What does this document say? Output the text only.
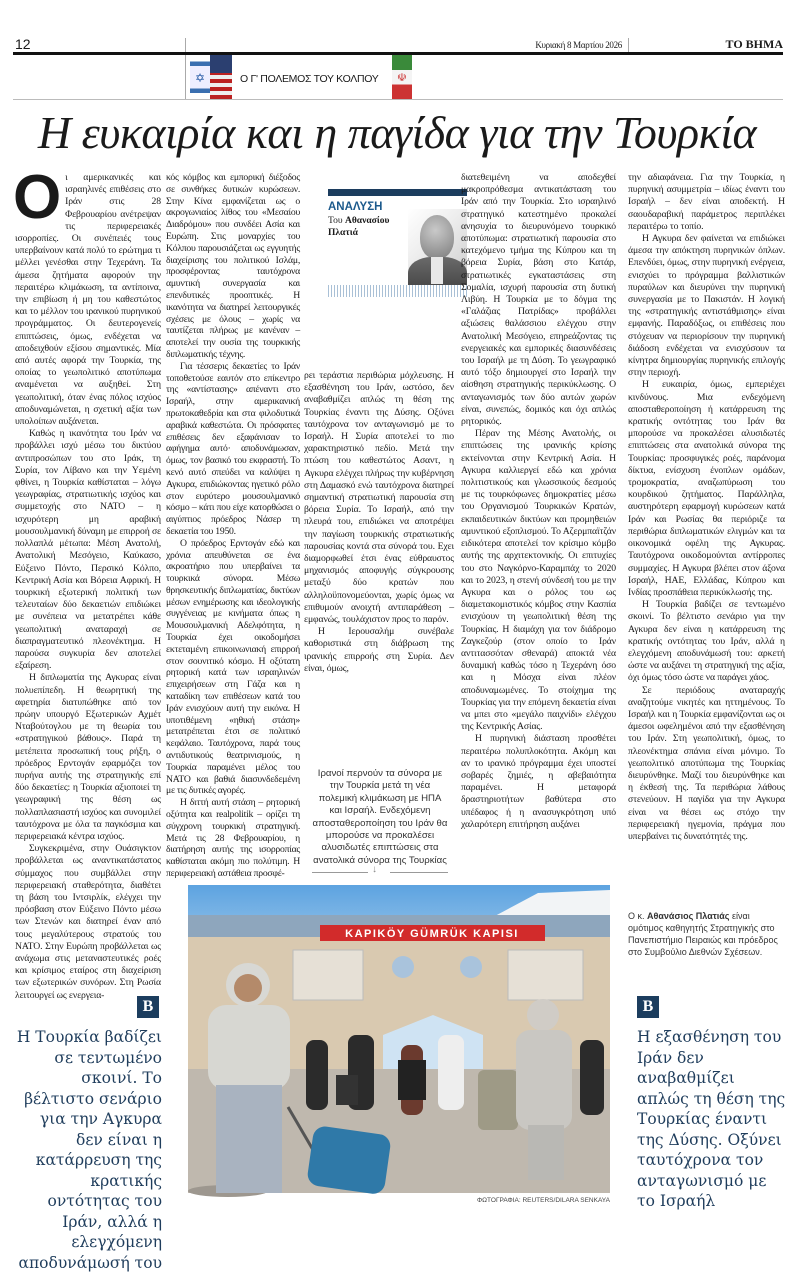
12	Κυριακή 8 Μαρτίου 2026	ΤΟ ΒΗΜΑ
✡	Ο Γ' ΠΟΛΕΜΟΣ ΤΟΥ ΚΟΛΠΟΥ ☫
Η ευκαιρία και η παγίδα για την Τουρκία

Οι αμερικανικές και ισραηλινές επιθέσεις στο Ιράν στις 28 Φεβρουαρίου ανέτρεψαν τις περιφερειακές ισορροπίες. Οι συνέπειές τους υπερβαίνουν κατά πολύ το ερώτημα τι μέλλει γενέσθαι στην Τεχεράνη. Τα άμεσα ζητήματα αφορούν την περαιτέρω κλιμάκωση, τα αντίποινα, την επιβίωση ή μη του καθεστώτος και το μέλλον του ιρανικού πυρηνικού προγράμματος. Οι δευτερογενείς επιπτώσεις, όμως, ενδέχεται να αποδειχθούν εξίσου σημαντικές. Μία από αυτές αφορά την Τουρκία, της οποίας το γεωπολιτικό αποτύπωμα αναμένεται να αυξηθεί. Στη γεωπολιτική, όταν ένας πόλος ισχύος αποδυναμώνεται, η σχετική αξία των υπολοίπων αυξάνεται.

Καθώς η ικανότητα του Ιράν να προβάλλει ισχύ μέσω του δικτύου αντιπροσώπων του στο Ιράκ, τη Συρία, τον Λίβανο και την Υεμένη φθίνει, η Τουρκία καθίσταται – λόγω γεωγραφίας, στρατιωτικής ισχύος και συμμετοχής στο ΝΑΤΟ – η ισχυρότερη μη αραβική μουσουλμανική δύναμη με επιρροή σε πολλαπλά μέτωπα: Μέση Ανατολή, Ανατολική Μεσόγειο, Καύκασο, Εύξεινο Πόντο, Περσικό Κόλπο, Κεντρική Ασία και Βόρεια Αφρική. Η τουρκική εξωτερική πολιτική των τελευταίων δύο δεκαετιών επιδιώκει με συνέπεια να μετατρέπει κάθε γεωπολιτική αναταραχή σε διαπραγματευτικό πλεονέκτημα. Η παρούσα συγκυρία δεν αποτελεί εξαίρεση.

Η διπλωματία της Αγκυρας είναι πολυεπίπεδη. Η θεωρητική της αφετηρία διατυπώθηκε από τον πρώην υπουργό Εξωτερικών Αχμέτ Νταβούτογλου με τη θεωρία του «στρατηγικού βάθους». Παρά τη μετέπειτα προσωπική τους ρήξη, ο πρόεδρος Ερντογάν εφαρμόζει τον πυρήνα αυτής της στρατηγικής επί δύο δεκαετίες: η Τουρκία αξιοποιεί τη γεωγραφική της θέση ως πολλαπλασιαστή ισχύος και συνομιλεί ταυτόχρονα με όλα τα παγκόσμια και περιφερειακά κέντρα ισχύος.

Συγκεκριμένα, στην Ουάσιγκτον προβάλλεται ως αναντικατάστατος σύμμαχος που συμβάλλει στην περιφερειακή σταθερότητα, διαθέτει τη βάση του Ιντσιρλίκ, ελέγχει την πρόσβαση στον Εύξεινο Πόντο μέσω των Στενών και διατηρεί έναν από τους μεγαλύτερους στρατούς του ΝΑΤΟ. Στην Ευρώπη προβάλλεται ως ανάχωμα στις μεταναστευτικές ροές και κρίσιμος εταίρος στη διαχείριση των εξωτερικών συνόρων. Στη Ρωσία λειτουργεί ως ενεργεια-

κός κόμβος και εμπορική διέξοδος σε συνθήκες δυτικών κυρώσεων. Στην Κίνα εμφανίζεται ως ο ακρογωνιαίος λίθος του «Μεσαίου Διαδρόμου» που συνδέει Ασία και Ευρώπη. Στις μοναρχίες του Κόλπου παρουσιάζεται ως εγγυητής διαχείρισης του πολιτικού Ισλάμ, προσφέροντας ταυτόχρονα αμυντική συνεργασία και επενδυτικές προοπτικές. Η ικανότητα να διατηρεί λειτουργικές σχέσεις με όλους – χωρίς να ταυτίζεται πλήρως με κανέναν – αποτελεί την ουσία της τουρκικής διπλωματικής τέχνης.

Για τέσσερις δεκαετίες το Ιράν τοποθετούσε εαυτόν στο επίκεντρο της «αντίστασης» απέναντι στο Ισραήλ, στην αμερικανική πρωτοκαθεδρία και στα φιλοδυτικά αραβικά καθεστώτα. Οι πρόσφατες επιθέσεις δεν εξαφάνισαν το αφήγημα αυτό· αποδυνάμωσαν, όμως, τον βασικό του εκφραστή. Το κενό αυτό σπεύδει να καλύψει η Αγκυρα, επιδιώκοντας ηγετικό ρόλο στον ευρύτερο μουσουλμανικό κόσμο – κάτι που είχε κατορθώσει ο αιγύπτιος πρόεδρος Νάσερ τη δεκαετία του 1950.

Ο πρόεδρος Ερντογάν εδώ και χρόνια απευθύνεται σε ένα ακροατήριο που υπερβαίνει τα τουρκικά σύνορα. Μέσω θρησκευτικής διπλωματίας, δικτύων μέσων ενημέρωσης και ιδεολογικής συγγένειας με κινήματα όπως η Μουσουλμανική Αδελφότητα, η Τουρκία έχει οικοδομήσει εκτεταμένη επικοινωνιακή επιρροή στον σουνιτικό κόσμο. Η οξύτατη ρητορική κατά των ισραηλινών επιχειρήσεων στη Γάζα και η καταδίκη των επιθέσεων κατά του Ιράν ενισχύουν αυτή την εικόνα. Η υποτιθέμενη «ηθική στάση» μετατρέπεται έτσι σε πολιτικό κεφάλαιο. Ταυτόχρονα, παρά τους αντιδυτικούς θεατρινισμούς, η Τουρκία παραμένει μέλος του ΝΑΤΟ και βαθιά διασυνδεδεμένη με τις δυτικές αγορές.

Η διττή αυτή στάση – ρητορική οξύτητα και realpolitik – ορίζει τη σύγχρονη τουρκική στρατηγική. Μετά τις 28 Φεβρουαρίου, η διατήρηση αυτής της ισορροπίας καθίσταται ακόμη πιο πολύτιμη. Η περιφερειακή αστάθεια προσφέ-

ΑΝΑΛΥΣΗ
Του Αθανασίου Πλατιά

ρει τεράστια περιθώρια μόχλευσης. Η εξασθένηση του Ιράν, ωστόσο, δεν αναβαθμίζει απλώς τη θέση της Τουρκίας έναντι της Δύσης. Οξύνει ταυτόχρονα τον ανταγωνισμό με το Ισραήλ. Η Συρία αποτελεί το πιο χαρακτηριστικό πεδίο. Μετά την πτώση του καθεστώτος Ασαντ, η Αγκυρα ελέγχει πλήρως την κυβέρνηση στη Δαμασκό ενώ ταυτόχρονα διατηρεί σημαντική στρατιωτική παρουσία στη βόρεια Συρία. Το Ισραήλ, από την πλευρά του, επιδιώκει να αποτρέψει την παγίωση τουρκικής στρατιωτικής παρουσίας κοντά στα σύνορά του. Εχει διαμορφωθεί έτσι ένας εύθραυστος μηχανισμός αποφυγής σύγκρουσης μεταξύ δύο κρατών που αλληλοϋπονομεύονται, χωρίς όμως να επιθυμούν ανοιχτή αντιπαράθεση – εμφανώς, τουλάχιστον προς το παρόν.

Η Ιερουσαλήμ συνέβαλε καθοριστικά στη διάβρωση της ιρανικής επιρροής στη Συρία. Δεν είναι, όμως,

Ιρανοί περνούν τα σύνορα με την Τουρκία μετά τη νέα πολεμική κλιμάκωση με ΗΠΑ και Ισραήλ. Ενδεχόμενη αποσταθεροποίηση του Ιράν θα μπορούσε να προκαλέσει αλυσιδωτές επιπτώσεις στα ανατολικά σύνορα της Τουρκίας
↓

διατεθειμένη να αποδεχθεί μακροπρόθεσμα αντικατάσταση του Ιράν από την Τουρκία. Στο ισραηλινό στρατηγικό κατεστημένο προκαλεί ανησυχία το διευρυνόμενο τουρκικό αποτύπωμα: στρατιωτική παρουσία στο κατεχόμενο τμήμα της Κύπρου και τη βόρεια Συρία, βάση στο Κατάρ, στρατιωτικές εγκαταστάσεις στη Σομαλία, ισχυρή παρουσία στη δυτική Λιβύη. Η Τουρκία με το δόγμα της «Γαλάζιας Πατρίδας» προβάλλει αξιώσεις θαλάσσιου ελέγχου στην Ανατολική Μεσόγειο, επηρεάζοντας τις ενεργειακές και εμπορικές διασυνδέσεις του Ισραήλ με τη Δύση. Το γεωγραφικό αυτό τόξο δημιουργεί στο Ισραήλ την αίσθηση στρατηγικής περικύκλωσης. Ο ανταγωνισμός των δύο αυτών χωρών είναι, συνεπώς, δομικός και όχι απλώς ρητορικός.

Πέραν της Μέσης Ανατολής, οι επιπτώσεις της ιρανικής κρίσης εκτείνονται στην Κεντρική Ασία. Η Αγκυρα καλλιεργεί εδώ και χρόνια πολιτιστικούς και γλωσσικούς δεσμούς με τις τουρκόφωνες δημοκρατίες μέσω του Οργανισμού Τουρκικών Κρατών, εκπαιδευτικών δικτύων και προμηθειών αμυντικού εξοπλισμού. Το Αζερμπαϊτζάν ειδικότερα αποτελεί τον κρίσιμο κόμβο αυτής της αρχιτεκτονικής. Οι επιτυχίες του στο Ναγκόρνο-Καραμπάχ το 2020 και το 2023, η στενή σύνδεσή του με την Αγκυρα και ο ρόλος του ως διαμετακομιστικός κόμβος στην Κασπία ενισχύουν τη γεωπολιτική θέση της Τουρκίας. Η διαμάχη για τον διάδρομο Ζαγκεζούρ (στον οποίο το Ιράν αντιτασσόταν σθεναρά) αποκτά νέα δυναμική καθώς τόσο η Τεχεράνη όσο και η Μόσχα είναι πλέον αποδυναμωμένες. Το στοίχημα της Τουρκίας για την επόμενη δεκαετία είναι να μπει στο «μεγάλο παιχνίδι» ελέγχου της Κεντρικής Ασίας.

Η πυρηνική διάσταση προσθέτει περαιτέρω πολυπλοκότητα. Ακόμη και αν το ιρανικό πρόγραμμα έχει υποστεί σοβαρές ζημιές, η αβεβαιότητα παραμένει. Η μεταφορά δραστηριοτήτων βαθύτερα στο υπέδαφος ή η ανασυγκρότηση υπό χαλαρότερη επιτήρηση αυξάνει

την αδιαφάνεια. Για την Τουρκία, η πυρηνική ασυμμετρία – ιδίως έναντι του Ισραήλ – δεν είναι αποδεκτή. Η σαουδαραβική παράμετρος περιπλέκει περαιτέρω το τοπίο.

Η Αγκυρα δεν φαίνεται να επιδιώκει άμεσα την απόκτηση πυρηνικών όπλων. Επενδύει, όμως, στην πυρηνική ενέργεια, ενισχύει το πρόγραμμα βαλλιστικών πυραύλων και διευρύνει την πυρηνική συνεργασία με το Πακιστάν. Η λογική της «στρατηγικής αντιστάθμισης» είναι εμφανής. Παραδόξως, οι επιθέσεις που στόχευαν να περιορίσουν την πυρηνική διάδοση ενδέχεται να ενισχύσουν τα κίνητρα δημιουργίας πυρηνικής επιλογής στην περιοχή.

Η ευκαιρία, όμως, εμπεριέχει κινδύνους. Μια ενδεχόμενη αποσταθεροποίηση ή κατάρρευση της κρατικής οντότητας του Ιράν θα μπορούσε να προκαλέσει αλυσιδωτές επιπτώσεις στα ανατολικά σύνορα της Τουρκίας: προσφυγικές ροές, παράνομα δίκτυα, ενίσχυση ένοπλων ομάδων, τρομοκρατία, αναζωπύρωση του κουρδικού ζητήματος. Παράλληλα, αυστηρότερη εφαρμογή κυρώσεων κατά Ιράν και Ρωσίας θα περιόριζε τα περιθώρια διπλωματικών ελιγμών και τα οικονομικά οφέλη της Αγκυρας. Ταυτόχρονα οικοδομούνται αντίρροπες συμμαχίες. Η Αγκυρα βλέπει στον άξονα Ισραήλ, ΗΑΕ, Ελλάδας, Κύπρου και Ινδίας προσπάθεια περικύκλωσής της.

Η Τουρκία βαδίζει σε τεντωμένο σκοινί. Το βέλτιστο σενάριο για την Αγκυρα δεν είναι η κατάρρευση της κρατικής οντότητας του Ιράν, αλλά η ελεγχόμενη αποδυνάμωσή του: αρκετή ώστε να αυξάνει τη στρατηγική της αξία, όχι όμως τόσο ώστε να παράγει χάος.

Σε περιόδους αναταραχής αναζητούμε νικητές και ηττημένους. Το Ισραήλ και η Τουρκία εμφανίζονται ως οι άμεσοι ωφελημένοι από την εξασθένηση του Ιράν. Στη γεωπολιτική, όμως, το πλεονέκτημα σπάνια είναι μόνιμο. Το γεωπολιτικό αποτύπωμα της Τουρκίας διευρύνθηκε. Μαζί του διευρύνθηκε και η έκθεσή της. Τα περιθώρια λάθους στενεύουν. Η παγίδα για την Αγκυρα είναι να θέσει ως στόχο την περιφερειακή ηγεμονία, πράγμα που υπερβαίνει τις δυνατότητές της.

Ο κ. Αθανάσιος Πλατιάς είναι ομότιμος καθηγητής Στρατηγικής στο Πανεπιστήμιο Πειραιώς και πρόεδρος στο Συμβούλιο Διεθνών Σχέσεων.
KAPIKÖY GÜMRÜK KAPISI
ΦΩΤΟΓΡΑΦΙΑ: REUTERS/DILARA SENKAYA
B
Η Τουρκία βαδίζει σε τεντωμένο σκοινί. Το βέλτιστο σενάριο για την Αγκυρα δεν είναι η κατάρρευση της κρατικής οντότητας του Ιράν, αλλά η ελεγχόμενη αποδυνάμωσή του
B
Η εξασθένηση του Ιράν δεν αναβαθμίζει απλώς τη θέση της Τουρκίας έναντι της Δύσης. Οξύνει ταυτόχρονα τον ανταγωνισμό με το Ισραήλ
